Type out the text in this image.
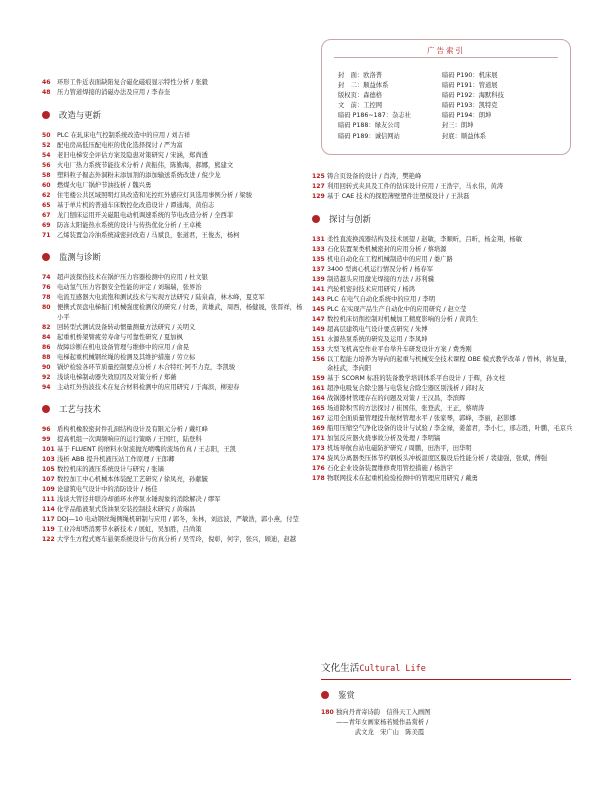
46	环形工件近表面缺陷复合磁化磁痕显示特性分析 / 张毅
48	压力管道焊接的消磁办法及应用 / 李春奎
改造与更新
50	PLC 在轧床电气控制系统改造中的应用 / 刘吉祥
52	配电房高低压配电柜的优化选择探讨 / 严为富
54	老旧电梯安全评估方案及隐患对策研究 / 宋涵，郑尚透
56	火电厂热力系统节能技术分析 / 黄振伟，陈勤海，郝娜，熊建文
58	塑料粒子掘态外洞粉末添加剂的添加输送系统改进 / 倪少龙
60	燃煤火电厂锅炉节油技析 / 魏兴勇
62	住宅楼公共区域照明灯具改造和光控红外感应灯具选用事例分析 / 梁骏
65	基于单片机的普通车床数控化改造设计 / 谭通海，黄伯志
67	龙门刨床运用开关磁阻电动机调速系统的节电改造分析 / 全西菲
69	防冻太阳能热水系统的设计与传热优化分析 / 王卓桃
71	乙烯装置急冷油系统减密封改造 / 马斌良，张道君，王俊杰，杨柯
监测与诊断
74	超声波探伤技术在锅炉压力容器检测中的应用 / 杜文银
76	电动氢气压力容器安全性能的评定 / 刘瑞瑞，张界治
78	电流互感器大电流饱和测试技术与实现方法研究 / 陆泉森，林木峰，夏克军
80	便携式误盘电梯振门机械强度检测仪的研究 / 付勇，黄雄武，周西，杨健晟，张晋祥，杨小平
82	回转型式测试设备转动惯量测量方法研究 / 关明义
84	起重机桥架臂疲劳寿命与可靠性研究 / 夏加枫
86	故障诊断在机电设备管理与维修中的应用 / 俞晃
88	电梯起重机械钢丝绳的检测及其维护措施 / 劳立标
90	锅炉检验各环节质量控制要点分析 / 木合特红·阿不力克，李凯骏
92	浅谈电梯制动器失效原因及对策分析 / 郑薇
94	主动红外热波技术在复合材料检测中的应用研究 / 于海滨，柳迎春
工艺与技术
96	盾构机橡胶密封件孔洞结构设计及有限元分析 / 戴红峰
99	提高机组一次调频响应的运行策略 / 王国红，陆登科
101 基于 FLUENT 的磨料水射流抛光喷嘴的流场仿真 / 王志阳，王凯
103 浅析 ABB 提升机液压站工作原理 / 王郎卿
105 数控机床的液压系统设计与研究 / 张镝
107 数控加工中心机械本体装配工艺研究 / 徐凤亮，孙献毓
109 论建筑电气设计中的消防设计 / 杨佳
111 浅谈大管径井联冷却循环水停泵水锤现象的消除解决 / 缪军
114 化学品船液泵式货油泵安装控制技术研究 / 黄瑞昌
117 DDJ—10 电动钢丝绳侧绳机研制与应用 / 郭冬，朱林，刘远波，严敏浩，郭小燕，付莹
119 工业冷却塔消雾节水新技术 / 展虹，吴加胜，吕尚策
122 大学生方程式赛车悬架系统设计与仿真分析 / 吴雪玲，倪彰，何宇，张兴，顾迪，赵越
广告索引
封　面：欧洛普	暗码 P190：机床展
封　二：顺益体系	暗码 P191：管道展
版权页：森德格	暗码 P192：海默科技
文　前：工控网	暗码 P193：凯特克
暗码 P186~187：杂志社	暗码 P194：朗坤
暗码 P188：绿友公司	封三：朗坤
暗码 P189：诚信网站	封底：顺益体系
125 铸合页设备的设计 / 肖涛，樊艳峰
127 利用回转式夹具及工件的钻床设计应用 / 王浩宇，马永伟，黄涛
129 基于 CAE 技术的探腔薄壁塑件注塑模设计 / 王洪磊
探讨与创新
131 柔性直流换流器结构及技术展望 / 赵敏，李顺昕，吕昕，杨金翔，杨敏
133 石化装置泵类机械密封的应用分析 / 蔡培源
135 机电自动化在工程机械制造中的应用 / 娄广路
137 3400 型离心机运行情况分析 / 杨春军
139 制造越头应用激光焊接的方法 / 苏利骥
141 汽轮机密封技术应用研究 / 杨鸿
143 PLC 在电气自动化系统中的应用 / 李明
145 PLC 在实现产品生产自动化中的应用研究 / 赵立莹
147 数控机床切削控制对机械加工精度影响的分析 / 黄鸿生
149 超高层建筑电气设计要点研究 / 朱博
151 水源热泵系统的研究及运用 / 李凤坤
153 大型飞机高空作业平台举升车研发设计方案 / 费秀刚
156 以工程能力培养为导向的起重与机械安全技术课程 OBE 模式教学改革 / 曾林，蒋复量，余桂武，李向阳
159 基于 SCORM 标准的装备教学培训体系平台设计 / 于辉，孙文柱
161 超净电吸复合除尘器与电袋复合除尘器区别浅析 / 邱时友
164 战锅器材管理存在的问题及对策 / 王汉昌，李滨辉
165 场道除积雪的方法探讨 / 崔国伟，张登武，王正，蔡靖涛
167 运用全面质量管理提升航材管理水平 / 张家琴，郭峰，李丽，赵影娜
169 船用压缩空气净化设备的设计与试验 / 李金禄，姜蕾君，李小仁，邢志胜，叶鹏，毛京兵
171 加氢反应器火烧事故分析及处理 / 李明镐
173 机场导航台站电磁防护研究 / 周鹏，田浩平，田华明
174 旋风分离器类压体节约钢板头冲板温度区膜设后性能分析 / 裴建强，张斌，傅强
176 石化企业设备装置维修费用管控措施 / 杨浩宇
178 物联网技术在起重机检验检测中的管理应用研究 / 戴勇
文化生活Cultural Life
鉴赏
180 独向丹青寄诗韵　信得天工入画图
——青年女画家杨若媛作品赏析 /
　　　武文龙　宋广山　陈美霞
